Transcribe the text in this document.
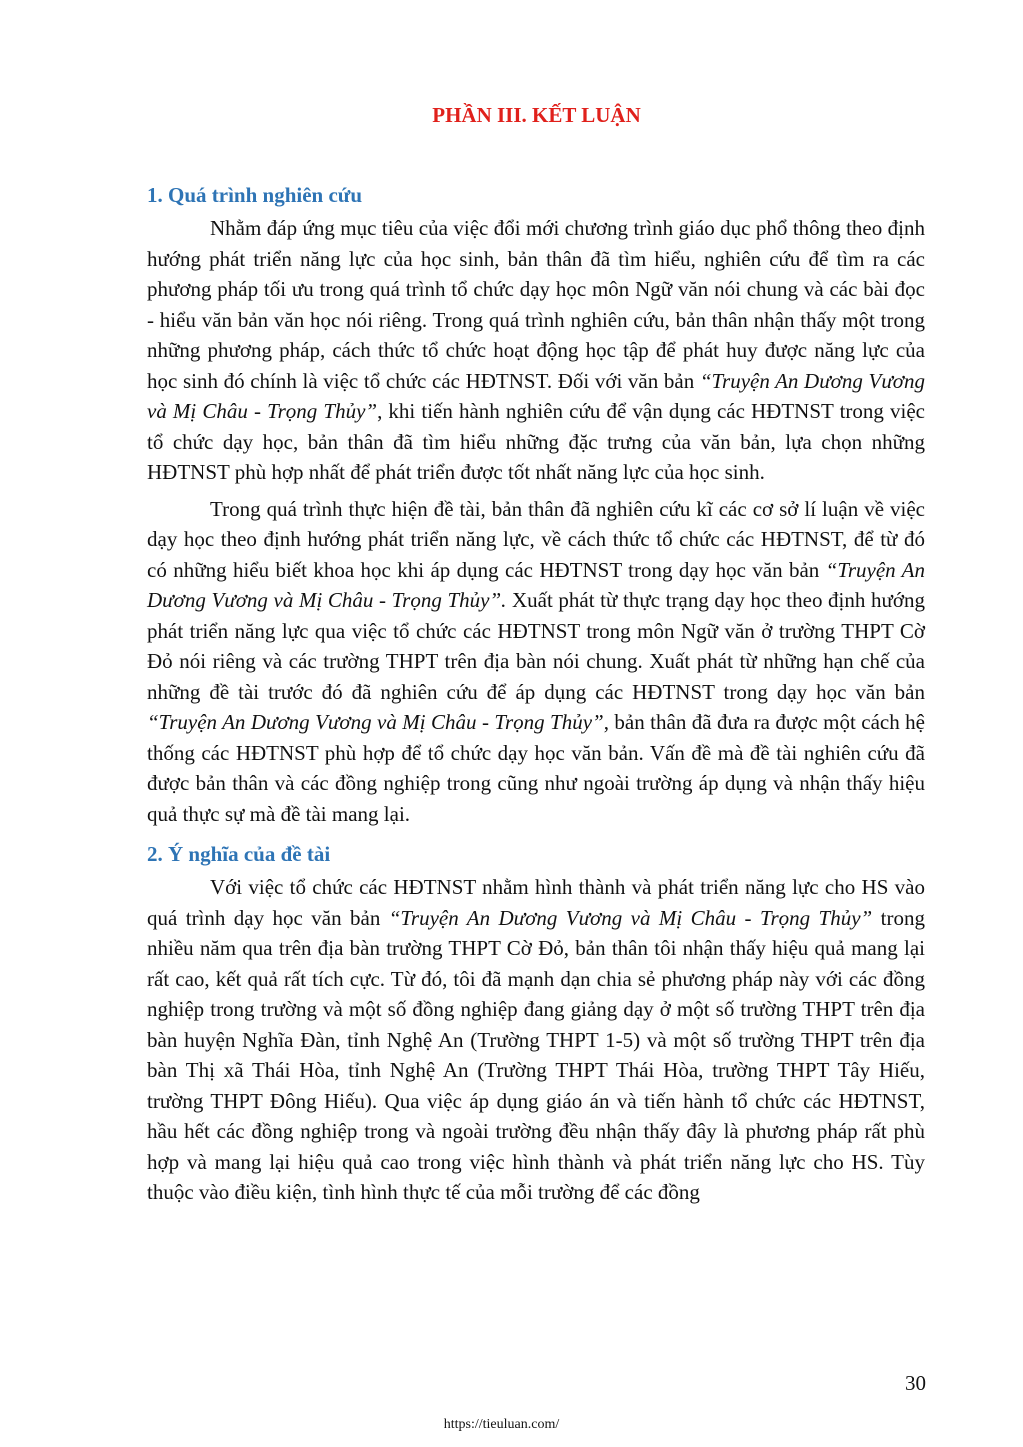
PHẦN III. KẾT LUẬN
1. Quá trình nghiên cứu

Nhằm đáp ứng mục tiêu của việc đổi mới chương trình giáo dục phổ thông theo định hướng phát triển năng lực của học sinh, bản thân đã tìm hiểu, nghiên cứu để tìm ra các phương pháp tối ưu trong quá trình tổ chức dạy học môn Ngữ văn nói chung và các bài đọc - hiểu văn bản văn học nói riêng. Trong quá trình nghiên cứu, bản thân nhận thấy một trong những phương pháp, cách thức tổ chức hoạt động học tập để phát huy được năng lực của học sinh đó chính là việc tổ chức các HĐTNST. Đối với văn bản “Truyện An Dương Vương và Mị Châu - Trọng Thủy”, khi tiến hành nghiên cứu để vận dụng các HĐTNST trong việc tổ chức dạy học, bản thân đã tìm hiểu những đặc trưng của văn bản, lựa chọn những HĐTNST phù hợp nhất để phát triển được tốt nhất năng lực của học sinh.

Trong quá trình thực hiện đề tài, bản thân đã nghiên cứu kĩ các cơ sở lí luận về việc dạy học theo định hướng phát triển năng lực, về cách thức tổ chức các HĐTNST, để từ đó có những hiểu biết khoa học khi áp dụng các HĐTNST trong dạy học văn bản “Truyện An Dương Vương và Mị Châu - Trọng Thủy”. Xuất phát từ thực trạng dạy học theo định hướng phát triển năng lực qua việc tổ chức các HĐTNST trong môn Ngữ văn ở trường THPT Cờ Đỏ nói riêng và các trường THPT trên địa bàn nói chung. Xuất phát từ những hạn chế của những đề tài trước đó đã nghiên cứu để áp dụng các HĐTNST trong dạy học văn bản “Truyện An Dương Vương và Mị Châu - Trọng Thủy”, bản thân đã đưa ra được một cách hệ thống các HĐTNST phù hợp để tổ chức dạy học văn bản. Vấn đề mà đề tài nghiên cứu đã được bản thân và các đồng nghiệp trong cũng như ngoài trường áp dụng và nhận thấy hiệu quả thực sự mà đề tài mang lại.

2. Ý nghĩa của đề tài

Với việc tổ chức các HĐTNST nhằm hình thành và phát triển năng lực cho HS vào quá trình dạy học văn bản “Truyện An Dương Vương và Mị Châu - Trọng Thủy” trong nhiều năm qua trên địa bàn trường THPT Cờ Đỏ, bản thân tôi nhận thấy hiệu quả mang lại rất cao, kết quả rất tích cực. Từ đó, tôi đã mạnh dạn chia sẻ phương pháp này với các đồng nghiệp trong trường và một số đồng nghiệp đang giảng dạy ở một số trường THPT trên địa bàn huyện Nghĩa Đàn, tỉnh Nghệ An (Trường THPT 1-5) và một số trường THPT trên địa bàn Thị xã Thái Hòa, tỉnh Nghệ An (Trường THPT Thái Hòa, trường THPT Tây Hiếu, trường THPT Đông Hiếu). Qua việc áp dụng giáo án và tiến hành tổ chức các HĐTNST, hầu hết các đồng nghiệp trong và ngoài trường đều nhận thấy đây là phương pháp rất phù hợp và mang lại hiệu quả cao trong việc hình thành và phát triển năng lực cho HS. Tùy thuộc vào điều kiện, tình hình thực tế của mỗi trường để các đồng

30

https://tieuluan.com/
